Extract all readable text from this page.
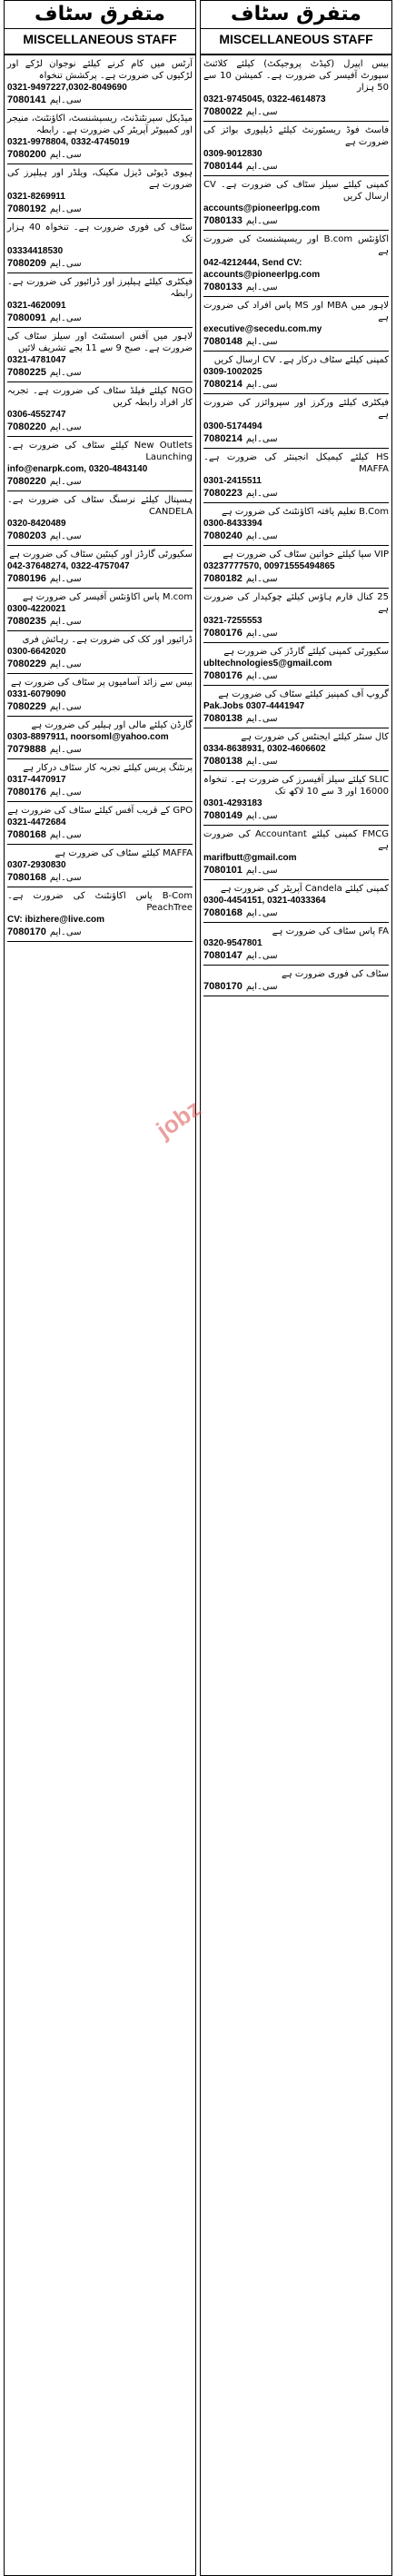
متفرق سٹاف
MISCELLANEOUS STAFF
آرٹس میں کام کرنے کیلئے نوجوان لڑکے اور لڑکیوں کی ضرورت ہے۔ پرکشش تنخواہ
0321-9497227,0302-8049690
7080141 سی۔ایم
میڈیکل سپرنٹنڈنٹ، ریسپشنسٹ، اکاؤنٹنٹ، منیجر اور کمپیوٹر آپریٹر کی ضرورت ہے۔ رابطہ
0321-9978804, 0332-4745019
7080200 سی۔ایم
ہیوی ڈیوٹی ڈیزل مکینک، ویلڈر اور ہیلپرز کی ضرورت ہے
0321-8269911
7080192 سی۔ایم
سٹاف کی فوری ضرورت ہے۔ تنخواہ 40 ہزار تک
03334418530
7080209 سی۔ایم
فیکٹری کیلئے ہیلپرز اور ڈرائیور کی ضرورت ہے۔ رابطہ
0321-4620091
7080091 سی۔ایم
لاہور میں آفس اسسٹنٹ اور سیلز سٹاف کی ضرورت ہے۔ صبح 9 سے 11 بجے تشریف لائیں
0321-4781047
7080225 سی۔ایم
NGO کیلئے فیلڈ سٹاف کی ضرورت ہے۔ تجربہ کار افراد رابطہ کریں
0306-4552747
7080220 سی۔ایم
New Outlets کیلئے سٹاف کی ضرورت ہے۔ Launching
info@enarpk.com, 0320-4843140
7080220 سی۔ایم
ہسپتال کیلئے نرسنگ سٹاف کی ضرورت ہے۔ CANDELA
0320-8420489
7080203 سی۔ایم
سکیورٹی گارڈز اور کینٹین سٹاف کی ضرورت ہے
042-37648274, 0322-4757047
7080196 سی۔ایم
M.com پاس اکاؤنٹس آفیسر کی ضرورت ہے
0300-4220021
7080235 سی۔ایم
ڈرائیور اور کک کی ضرورت ہے۔ رہائش فری
0300-6642020
7080229 سی۔ایم
بیس سے زائد آسامیوں پر سٹاف کی ضرورت ہے
0331-6079090
7080229 سی۔ایم
گارڈن کیلئے مالی اور ہیلپر کی ضرورت ہے
0303-8897911, noorsoml@yahoo.com
7079888 سی۔ایم
پرنٹنگ پریس کیلئے تجربہ کار سٹاف درکار ہے
0317-4470917
7080176 سی۔ایم
GPO کے قریب آفس کیلئے سٹاف کی ضرورت ہے
0321-4472684
7080168 سی۔ایم
MAFFA کیلئے سٹاف کی ضرورت ہے
0307-2930830
7080168 سی۔ایم
B-Com پاس اکاؤنٹنٹ کی ضرورت ہے۔ PeachTree
CV: ibizhere@live.com
7080170 سی۔ایم
متفرق سٹاف
MISCELLANEOUS STAFF
بیس اپیرل (کیڈٹ پروجیکٹ) کیلئے کلائنٹ سپورٹ آفیسر کی ضرورت ہے۔ کمیشن 10 سے 50 ہزار
0321-9745045, 0322-4614873
7080022 سی۔ایم
فاسٹ فوڈ ریسٹورنٹ کیلئے ڈیلیوری بوائز کی ضرورت ہے
0309-9012830
7080144 سی۔ایم
کمپنی کیلئے سیلز سٹاف کی ضرورت ہے۔ CV ارسال کریں
accounts@pioneerlpg.com
7080133 سی۔ایم
اکاؤنٹس B.com اور ریسپشنسٹ کی ضرورت ہے
042-4212444, Send CV: accounts@pioneerlpg.com
7080133 سی۔ایم
لاہور میں MBA اور MS پاس افراد کی ضرورت ہے
executive@secedu.com.my
7080148 سی۔ایم
کمپنی کیلئے سٹاف درکار ہے۔ CV ارسال کریں
0309-1002025
7080214 سی۔ایم
فیکٹری کیلئے ورکرز اور سپروائزر کی ضرورت ہے
0300-5174494
7080214 سی۔ایم
HS کیلئے کیمیکل انجینئر کی ضرورت ہے۔ MAFFA
0301-2415511
7080223 سی۔ایم
B.Com تعلیم یافتہ اکاؤنٹنٹ کی ضرورت ہے
0300-8433394
7080240 سی۔ایم
VIP سپا کیلئے خواتین سٹاف کی ضرورت ہے
03237777570, 00971555494865
7080182 سی۔ایم
25 کنال فارم ہاؤس کیلئے چوکیدار کی ضرورت ہے
0321-7255553
7080176 سی۔ایم
سکیورٹی کمپنی کیلئے گارڈز کی ضرورت ہے
ubltechnologies5@gmail.com
7080176 سی۔ایم
گروپ آف کمپنیز کیلئے سٹاف کی ضرورت ہے
Pak.Jobs 0307-4441947
7080138 سی۔ایم
کال سنٹر کیلئے ایجنٹس کی ضرورت ہے
0334-8638931, 0302-4606602
7080138 سی۔ایم
SLIC کیلئے سیلز آفیسرز کی ضرورت ہے۔ تنخواہ 16000 اور 3 سے 10 لاکھ تک
0301-4293183
7080149 سی۔ایم
FMCG کمپنی کیلئے Accountant کی ضرورت ہے
marifbutt@gmail.com
7080101 سی۔ایم
کمپنی کیلئے Candela آپریٹر کی ضرورت ہے
0300-4454151, 0321-4033364
7080168 سی۔ایم
FA پاس سٹاف کی ضرورت ہے
0320-9547801
7080147 سی۔ایم
سٹاف کی فوری ضرورت ہے
7080170 سی۔ایم
jobz
